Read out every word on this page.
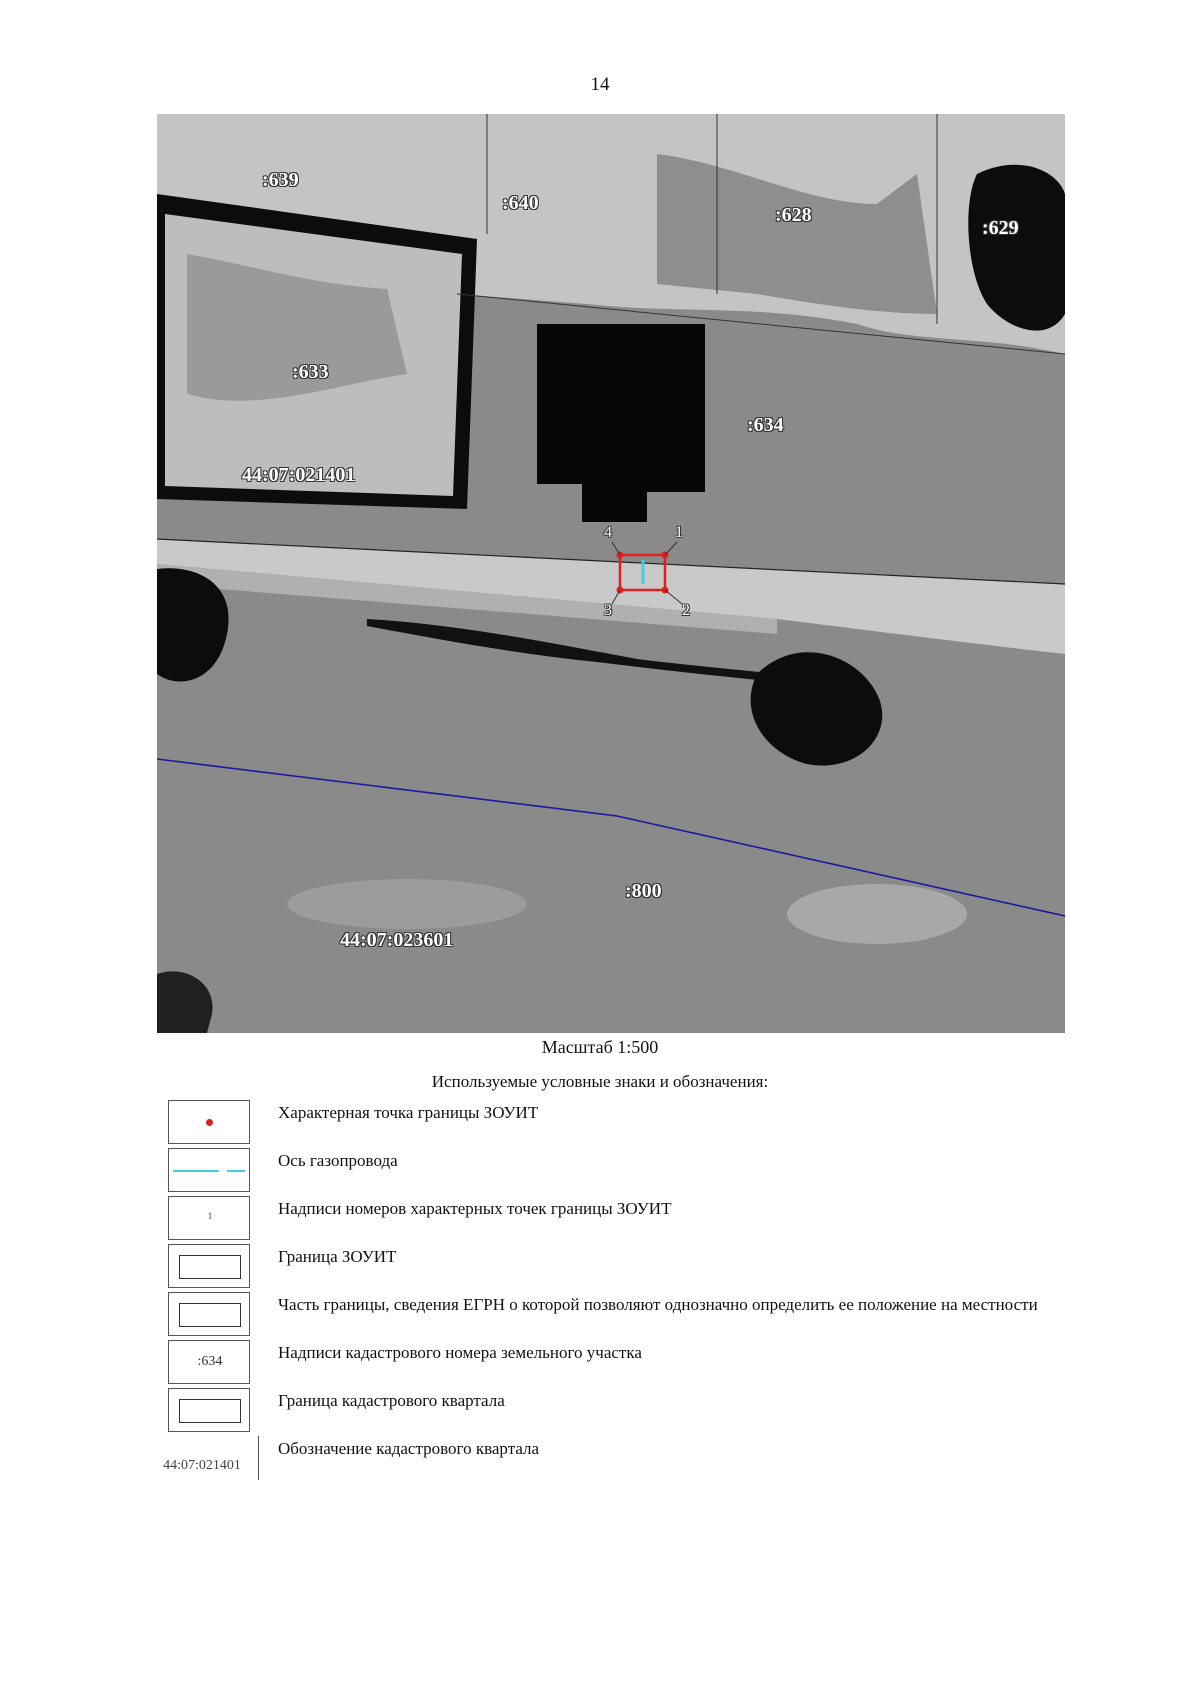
14
:639
:640
:628
:629
:633
:634
:800
44:07:021401
44:07:023601
1
2
3
4
Масштаб 1:500
Используемые условные знаки и обозначения:
Характерная точка границы ЗОУИТ
Ось газопровода
1	Надписи номеров характерных точек границы ЗОУИТ
Граница ЗОУИТ
Часть границы, сведения ЕГРН о которой позволяют однозначно определить ее положение на местности
:634	Надписи кадастрового номера земельного участка
Граница кадастрового квартала
44:07:021401
Обозначение кадастрового квартала
